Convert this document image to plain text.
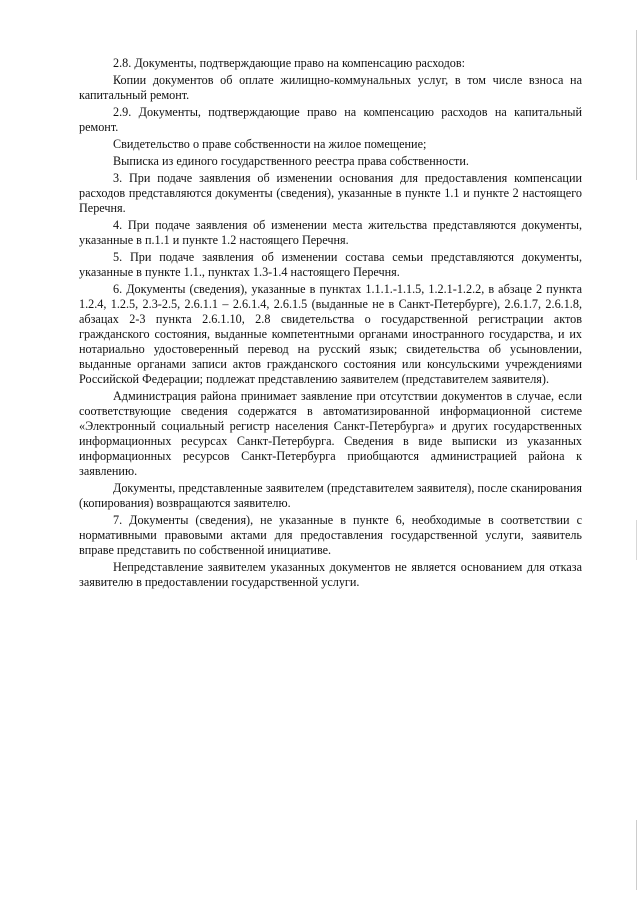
2.8. Документы, подтверждающие право на компенсацию расходов:

Копии документов об оплате жилищно-коммунальных услуг, в том числе взноса на капитальный ремонт.

2.9. Документы, подтверждающие право на компенсацию расходов на капитальный ремонт.

Свидетельство о праве собственности на жилое помещение;

Выписка из единого государственного реестра права собственности.

3. При подаче заявления об изменении основания для предоставления компенсации расходов представляются документы (сведения), указанные в пункте 1.1 и пункте 2 настоящего Перечня.

4. При подаче заявления об изменении места жительства представляются документы, указанные в п.1.1 и пункте 1.2 настоящего Перечня.

5. При подаче заявления об изменении состава семьи представляются документы, указанные в пункте 1.1., пунктах 1.3-1.4 настоящего Перечня.

6. Документы (сведения), указанные в пунктах 1.1.1.-1.1.5, 1.2.1-1.2.2, в абзаце 2 пункта 1.2.4, 1.2.5, 2.3-2.5, 2.6.1.1 – 2.6.1.4, 2.6.1.5 (выданные не в Санкт-Петербурге), 2.6.1.7, 2.6.1.8, абзацах 2-3 пункта 2.6.1.10, 2.8 свидетельства о государственной регистрации актов гражданского состояния, выданные компетентными органами иностранного государства, и их нотариально удостоверенный перевод на русский язык; свидетельства об усыновлении, выданные органами записи актов гражданского состояния или консульскими учреждениями Российской Федерации; подлежат представлению заявителем (представителем заявителя).

Администрация района принимает заявление при отсутствии документов в случае, если соответствующие сведения содержатся в автоматизированной информационной системе «Электронный социальный регистр населения Санкт-Петербурга» и других государственных информационных ресурсах Санкт-Петербурга. Сведения в виде выписки из указанных информационных ресурсов Санкт-Петербурга приобщаются администрацией района к заявлению.

Документы, представленные заявителем (представителем заявителя), после сканирования (копирования) возвращаются заявителю.

7. Документы (сведения), не указанные в пункте 6, необходимые в соответствии с нормативными правовыми актами для предоставления государственной услуги, заявитель вправе представить по собственной инициативе.

Непредставление заявителем указанных документов не является основанием для отказа заявителю в предоставлении государственной услуги.
